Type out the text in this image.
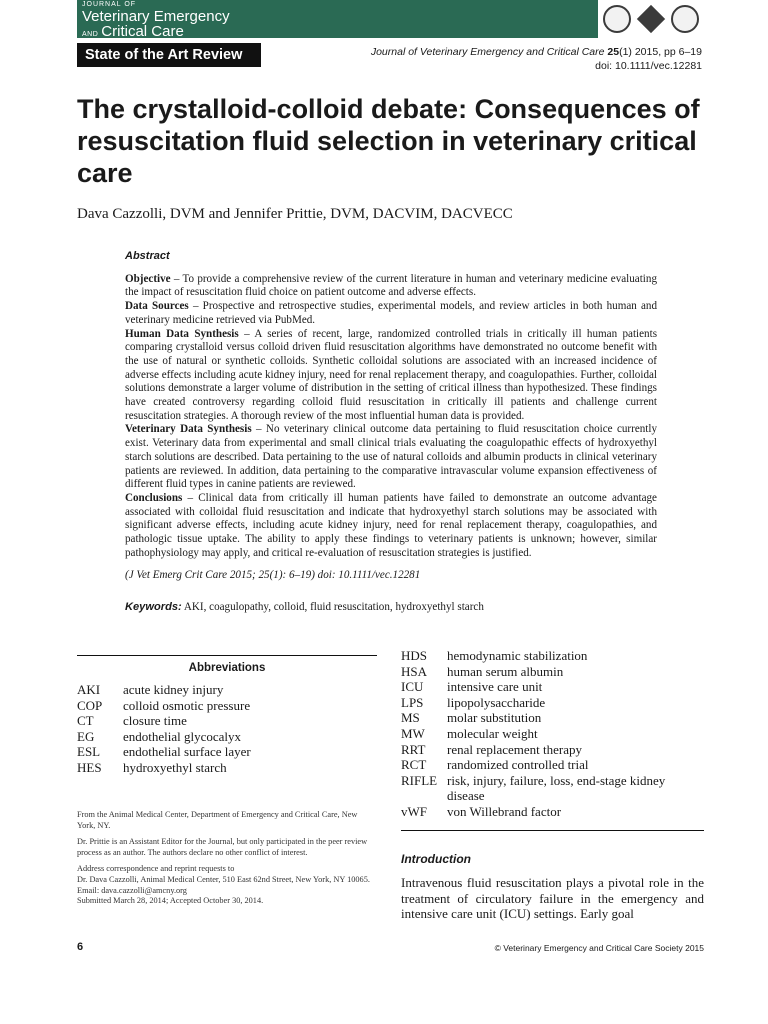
JOURNAL OF
Veterinary Emergency
AND Critical Care
State of the Art Review	Journal of Veterinary Emergency and Critical Care 25(1) 2015, pp 6–19
doi: 10.1111/vec.12281
The crystalloid-colloid debate: Consequences of resuscitation fluid selection in veterinary critical care
Dava Cazzolli, DVM and Jennifer Prittie, DVM, DACVIM, DACVECC
Abstract

Objective – To provide a comprehensive review of the current literature in human and veterinary medicine evaluating the impact of resuscitation fluid choice on patient outcome and adverse effects.

Data Sources – Prospective and retrospective studies, experimental models, and review articles in both human and veterinary medicine retrieved via PubMed.

Human Data Synthesis – A series of recent, large, randomized controlled trials in critically ill human patients comparing crystalloid versus colloid driven fluid resuscitation algorithms have demonstrated no outcome benefit with the use of natural or synthetic colloids. Synthetic colloidal solutions are associated with an increased incidence of adverse effects including acute kidney injury, need for renal replacement therapy, and coagulopathies. Further, colloidal solutions demonstrate a larger volume of distribution in the setting of critical illness than hypothesized. These findings have created controversy regarding colloid fluid resuscitation in critically ill patients and challenge current resuscitation strategies. A thorough review of the most influential human data is provided.

Veterinary Data Synthesis – No veterinary clinical outcome data pertaining to fluid resuscitation choice currently exist. Veterinary data from experimental and small clinical trials evaluating the coagulopathic effects of hydroxyethyl starch solutions are described. Data pertaining to the use of natural colloids and albumin products in clinical veterinary patients are reviewed. In addition, data pertaining to the comparative intravascular volume expansion effectiveness of different fluid types in canine patients are reviewed.

Conclusions – Clinical data from critically ill human patients have failed to demonstrate an outcome advantage associated with colloidal fluid resuscitation and indicate that hydroxyethyl starch solutions may be associated with significant adverse effects, including acute kidney injury, need for renal replacement therapy, coagulopathies, and pathologic tissue uptake. The ability to apply these findings to veterinary patients is unknown; however, similar pathophysiology may apply, and critical re-evaluation of resuscitation strategies is justified.

(J Vet Emerg Crit Care 2015; 25(1): 6–19) doi: 10.1111/vec.12281

Keywords: AKI, coagulopathy, colloid, fluid resuscitation, hydroxyethyl starch

Abbreviations
AKI	acute kidney injury
COP	colloid osmotic pressure
CT	closure time
EG	endothelial glycocalyx
ESL	endothelial surface layer
HES	hydroxyethyl starch
HDS	hemodynamic stabilization
HSA	human serum albumin
ICU	intensive care unit
LPS	lipopolysaccharide
MS	molar substitution
MW	molecular weight
RRT	renal replacement therapy
RCT	randomized controlled trial
RIFLE risk, injury, failure, loss, end-stage kidney disease
vWF	von Willebrand factor

From the Animal Medical Center, Department of Emergency and Critical Care, New York, NY.

Dr. Prittie is an Assistant Editor for the Journal, but only participated in the peer review process as an author. The authors declare no other conflict of interest.

Address correspondence and reprint requests to

Dr. Dava Cazzolli, Animal Medical Center, 510 East 62nd Street, New York, NY 10065. Email: dava.cazzolli@amcny.org

Submitted March 28, 2014; Accepted October 30, 2014.

Introduction
Intravenous fluid resuscitation plays a pivotal role in the treatment of circulatory failure in the emergency and intensive care unit (ICU) settings. Early goal
6	© Veterinary Emergency and Critical Care Society 2015
